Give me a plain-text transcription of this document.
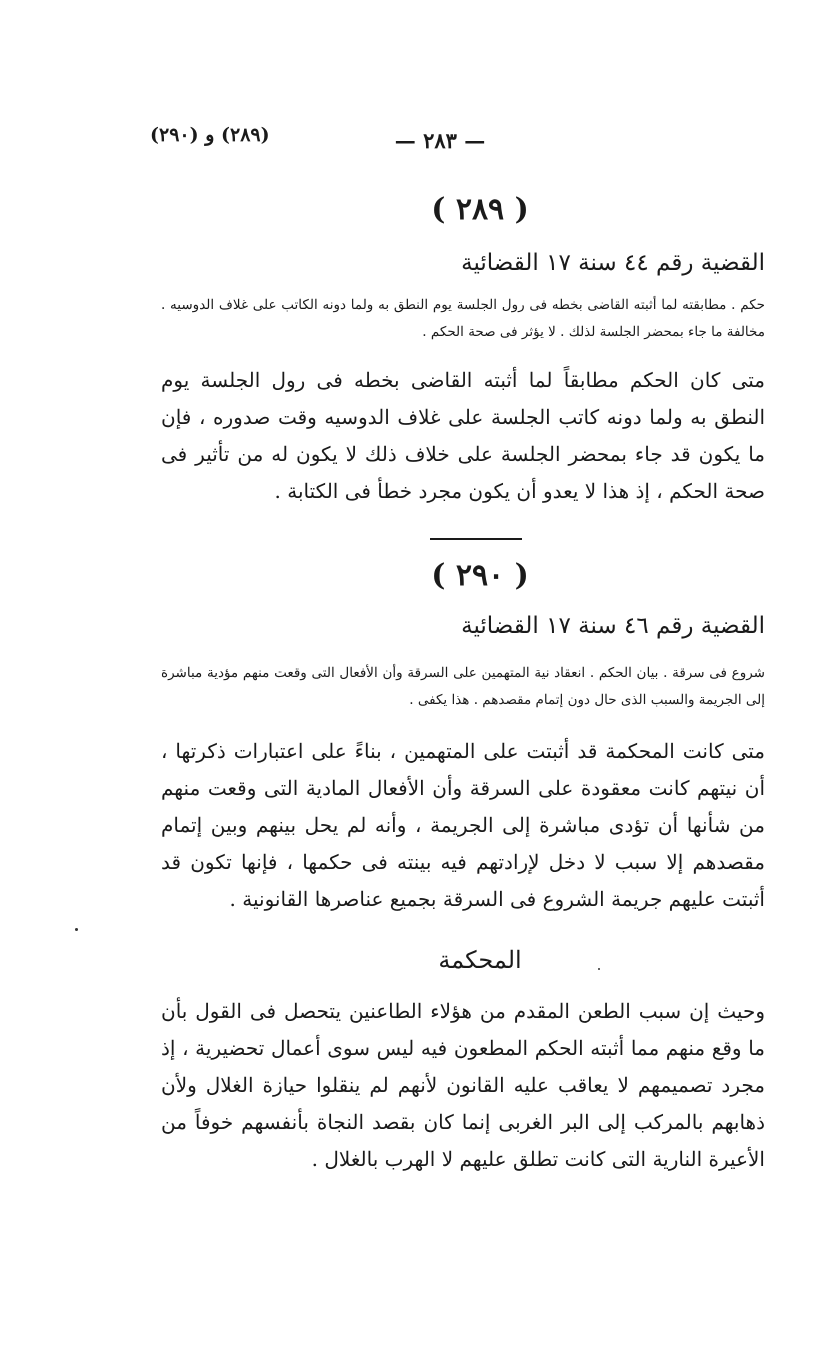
— ٢٨٣ —
(٢٨٩) و (٢٩٠)
( ٢٨٩ )
القضية رقم ٤٤ سنة ١٧ القضائية
حكم . مطابقته لما أثبته القاضى بخطه فى رول الجلسة يوم النطق به ولما دونه الكاتب على غلاف الدوسيه . مخالفة ما جاء بمحضر الجلسة لذلك . لا يؤثر فى صحة الحكم .
متى كان الحكم مطابقاً لما أثبته القاضى بخطه فى رول الجلسة يوم النطق به ولما دونه كاتب الجلسة على غلاف الدوسيه وقت صدوره ، فإن ما يكون قد جاء بمحضر الجلسة على خلاف ذلك لا يكون له من تأثير فى صحة الحكم ، إذ هذا لا يعدو أن يكون مجرد خطأ فى الكتابة .
( ٢٩٠ )
القضية رقم ٤٦ سنة ١٧ القضائية
شروع فى سرقة . بيان الحكم . انعقاد نية المتهمين على السرقة وأن الأفعال التى وقعت منهم مؤدية مباشرة إلى الجريمة والسبب الذى حال دون إتمام مقصدهم . هذا يكفى .
متى كانت المحكمة قد أثبتت على المتهمين ، بناءً على اعتبارات ذكرتها ، أن نيتهم كانت معقودة على السرقة وأن الأفعال المادية التى وقعت منهم من شأنها أن تؤدى مباشرة إلى الجريمة ، وأنه لم يحل بينهم وبين إتمام مقصدهم إلا سبب لا دخل لإرادتهم فيه بينته فى حكمها ، فإنها تكون قد أثبتت عليهم جريمة الشروع فى السرقة بجميع عناصرها القانونية .
المحكمة
وحيث إن سبب الطعن المقدم من هؤلاء الطاعنين يتحصل فى القول بأن ما وقع منهم مما أثبته الحكم المطعون فيه ليس سوى أعمال تحضيرية ، إذ مجرد تصميمهم لا يعاقب عليه القانون لأنهم لم ينقلوا حيازة الغلال ولأن ذهابهم بالمركب إلى البر الغربى إنما كان بقصد النجاة بأنفسهم خوفاً من الأعيرة النارية التى كانت تطلق عليهم لا الهرب بالغلال .
